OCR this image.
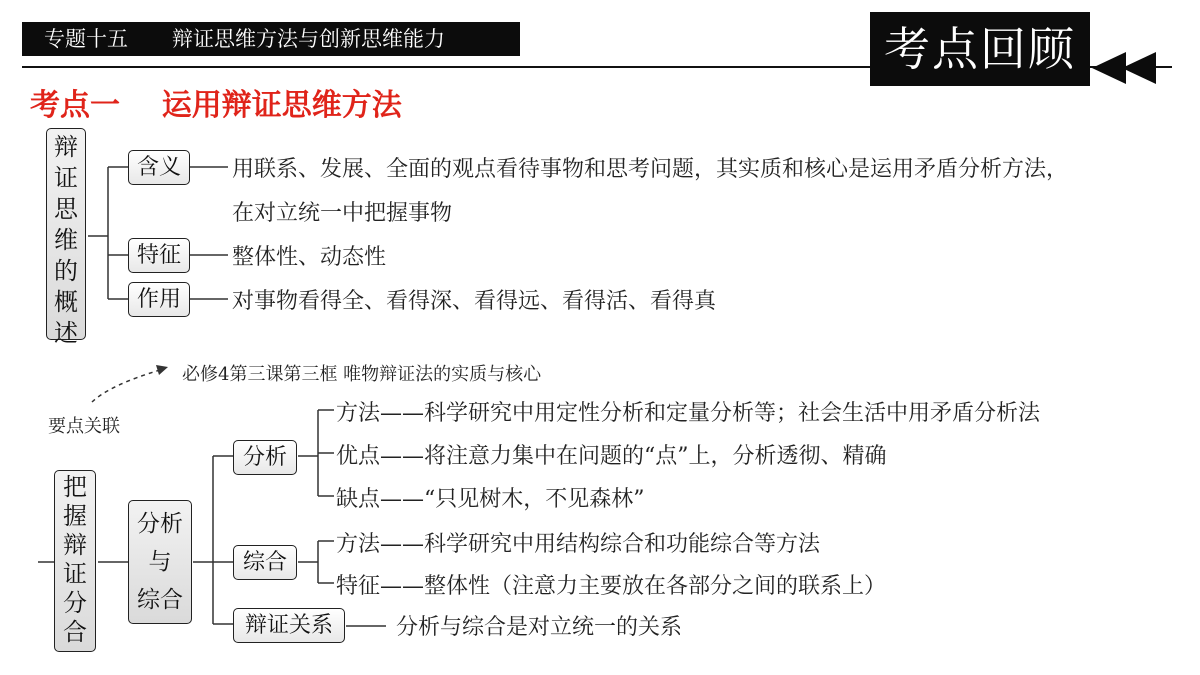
专题十五 辩证思维方法与创新思维能力	考点回顾
考点一    运用辩证思维方法
辩
证
思
维
的
概
述
含义	用联系、发展、全面的观点看待事物和思考问题，其实质和核心是运用矛盾分析方法，
在对立统一中把握事物
特征	整体性、动态性
作用	对事物看得全、看得深、看得远、看得活、看得真
要点关联
必修4第三课第三框 唯物辩证法的实质与核心
把
握
辩
证
分
合
分析
与
综合
分析
方法——科学研究中用定性分析和定量分析等；社会生活中用矛盾分析法
优点——将注意力集中在问题的“点”上，分析透彻、精确
缺点——“只见树木，不见森林”
综合
方法——科学研究中用结构综合和功能综合等方法
特征——整体性（注意力主要放在各部分之间的联系上）
辩证关系	分析与综合是对立统一的关系
